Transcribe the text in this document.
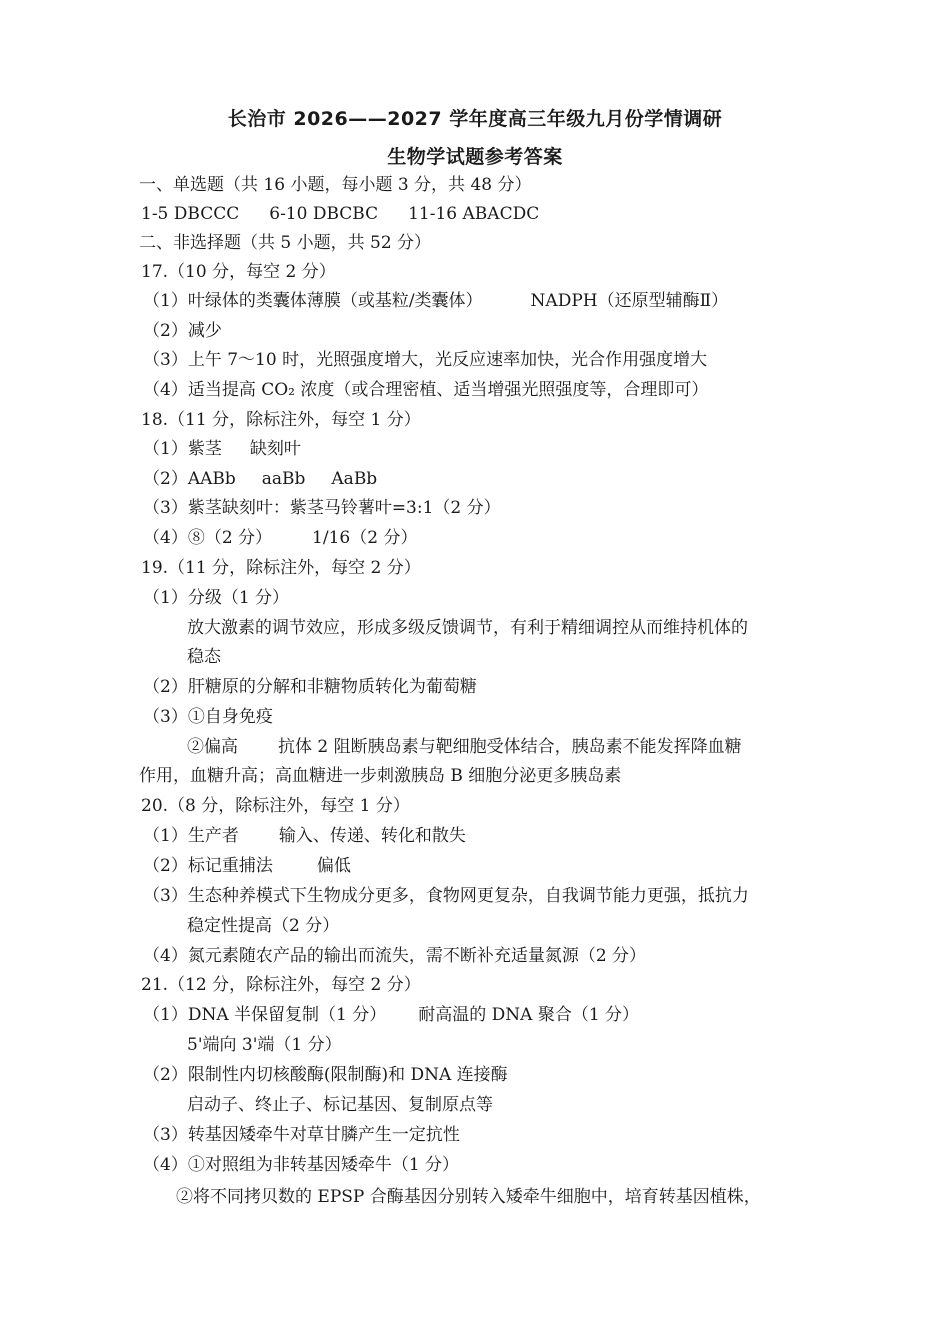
长治市 2026——2027 学年度高三年级九月份学情调研
生物学试题参考答案
一、单选题（共 16 小题，每小题 3 分，共 48 分）
1-5 DBCCC 6-10 DBCBC 11-16 ABACDC
二、非选择题（共 5 小题，共 52 分）
17.（10 分，每空 2 分）
（1）叶绿体的类囊体薄膜（或基粒/类囊体）	NADPH（还原型辅酶Ⅱ）
（2）减少
（3）上午 7～10 时，光照强度增大，光反应速率加快，光合作用强度增大
（4）适当提高 CO₂ 浓度（或合理密植、适当增强光照强度等，合理即可）
18.（11 分，除标注外，每空 1 分）
（1）紫茎 缺刻叶
（2）AABb aaBb AaBb
（3）紫茎缺刻叶：紫茎马铃薯叶=3:1（2 分）
（4）⑧（2 分） 1/16（2 分）
19.（11 分，除标注外，每空 2 分）
（1）分级（1 分）
放大激素的调节效应，形成多级反馈调节，有利于精细调控从而维持机体的
稳态
（2）肝糖原的分解和非糖物质转化为葡萄糖
（3）①自身免疫
②偏高 抗体 2 阻断胰岛素与靶细胞受体结合，胰岛素不能发挥降血糖
作用，血糖升高；高血糖进一步刺激胰岛 B 细胞分泌更多胰岛素
20.（8 分，除标注外，每空 1 分）
（1）生产者 输入、传递、转化和散失
（2）标记重捕法	偏低
（3）生态种养模式下生物成分更多，食物网更复杂，自我调节能力更强，抵抗力
稳定性提高（2 分）
（4）氮元素随农产品的输出而流失，需不断补充适量氮源（2 分）
21.（12 分，除标注外，每空 2 分）
（1）DNA 半保留复制（1 分） 耐高温的 DNA 聚合（1 分）
5'端向 3'端（1 分）
（2）限制性内切核酸酶(限制酶)和 DNA 连接酶
启动子、终止子、标记基因、复制原点等
（3）转基因矮牵牛对草甘膦产生一定抗性
（4）①对照组为非转基因矮牵牛（1 分）
②将不同拷贝数的 EPSP 合酶基因分别转入矮牵牛细胞中，培育转基因植株，
